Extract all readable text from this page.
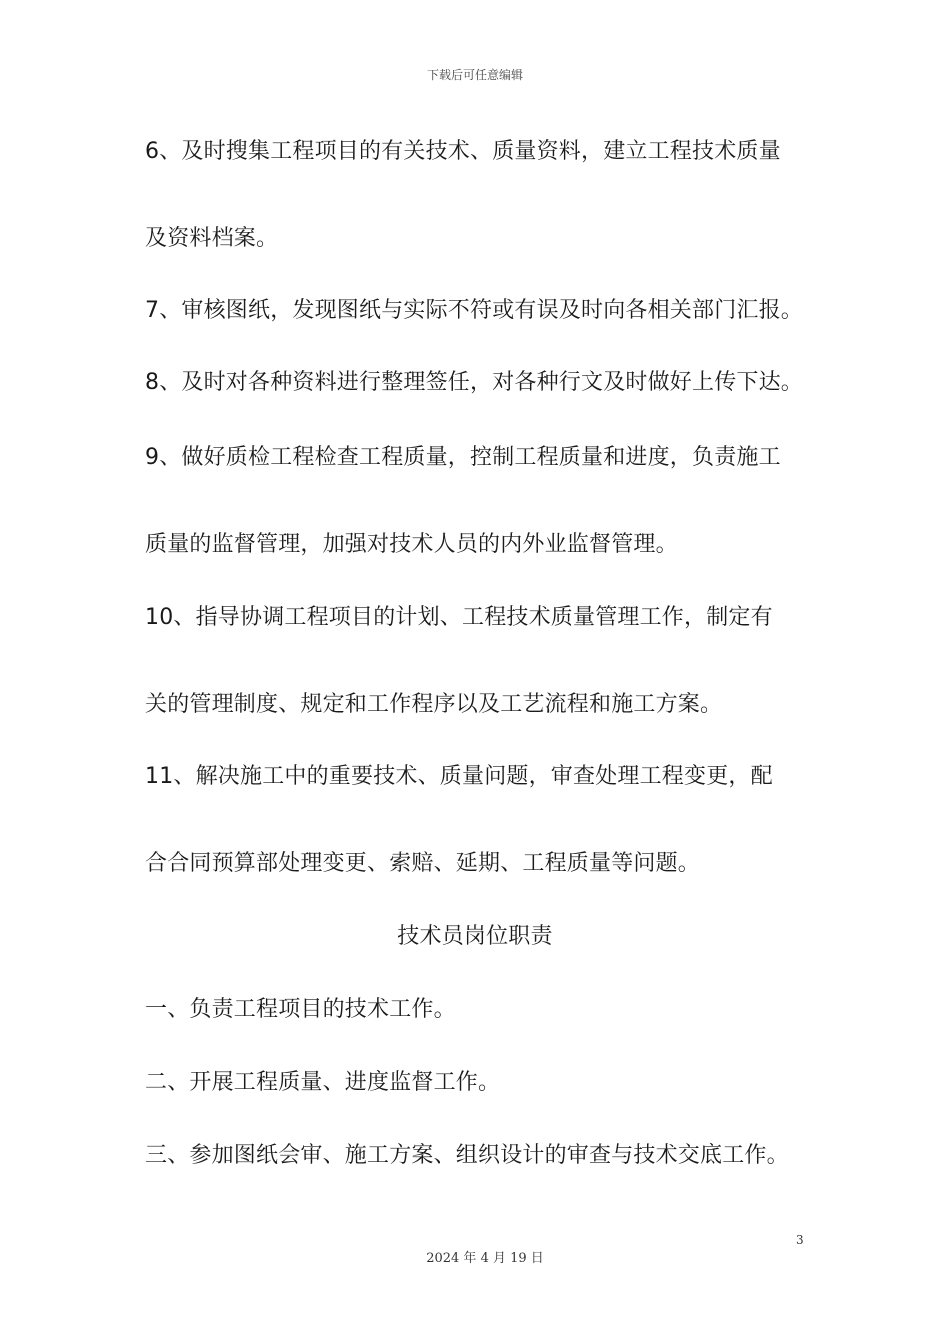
下载后可任意编辑
6、及时搜集工程项目的有关技术、质量资料，建立工程技术质量
及资料档案。
7、审核图纸，发现图纸与实际不符或有误及时向各相关部门汇报。
8、及时对各种资料进行整理签任，对各种行文及时做好上传下达。
9、做好质检工程检查工程质量，控制工程质量和进度，负责施工
质量的监督管理，加强对技术人员的内外业监督管理。
10、指导协调工程项目的计划、工程技术质量管理工作，制定有
关的管理制度、规定和工作程序以及工艺流程和施工方案。
11、解决施工中的重要技术、质量问题，审查处理工程变更，配
合合同预算部处理变更、索赔、延期、工程质量等问题。
技术员岗位职责
一、负责工程项目的技术工作。
二、开展工程质量、进度监督工作。
三、参加图纸会审、施工方案、组织设计的审查与技术交底工作。
3
2024 年 4 月 19 日
